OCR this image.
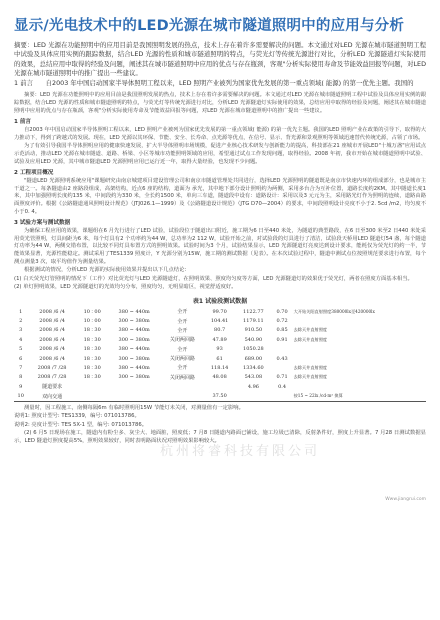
显示/光电技术中的LED光源在城市隧道照明中的应用与分析
摘要：LED 光源在功能照明中的应用目前是我国照明发展的热点，技术上存在着许多需要解决的问题。本文通过对LED 光源在城市隧道照明工程中试验及具体应用实例的跟踪数据，结合LED 光源的性质和城市隧道照明的特点，与荧光灯等传统光源进行对比，分析LED 光源隧道灯实际使用的效果，总结应用中取得的经验及问题，阐述其在城市隧道照明中应用的优点与存在瓶颈，客观"分析实际使用寿命及节能效益回报等问题，对LED 光源在城市隧道照明中的推广提出一些建议。
1 前言　　自2003 年中国启动国家半导体照明工程以来，LED 照明产业被列为国家优先发展的第一重点领域( 能源) 的第一优先主题。我国的
摘要：LED 光源在功能照明中的应用目前是我国照明发展的热点，技术上存在着许多需要解决的问题。本文通过对LED 光源在城市隧道照明工程中试验及具体应用实例的跟踪数据，结合LED 光源的性质和城市隧道照明的特点，与荧光灯等传统光源进行对比，分析LED 光源隧道灯实际使用的效果，总结应用中取得的经验及问题，阐述其在城市隧道照明中应用的优点与存在瓶颈，客观"分析实际使用寿命及节能效益回报等问题，对LED 光源在城市隧道照明中的推广提出一些建议。
1 前言
自2003 年中国启动国家半导体照明工程以来，LED 照明产业被列为国家优先发展的第一重点领域( 能源) 的第一优先主题。我国的LED 照明产业在政策的引导下，取得的大力推动下，得到了跨越式的发展。现在，LED 光源以其环保、节能、安全、长寿命、点光源等优点，在信号、显示、背光源和景观照明等领域迅速替代传统光源，占领了市场。
为了有效引导我国半导体照明应用的健康快速发展，扩大半导体照明市场规模，促进产业核心技术研发与创新能力的提高，科技部在21 座城市开展LED"十城万盏"应用试点示范活动，推动LED 光源在城市隧道、道路、桥梁、小区等城市功能照明领域的应用，希望通过试点工作发现问题，取得经验。2008 年初，我市开始在城市隧道照明中试验、试验及应用LED 光源，其中城市隧道LED 光源照明应用已运行近一年，取得大量经验，也发现不少问题。
2 工程项目概况
"隧道LED 光源照明系统应用"课题研究由南京城建项目建设管理公司和南京市隧道管理处共同进行，选择LED 光源照明的隧道既是南京市快速内环的组成部分，也是城市主干道之一。每条隧道由2 座路段组成，高架结构，近点6 座的结构，道面为 承光，其中地下部分设计照明约为两侧，采用多台合为互补位置，道路长度约2KM。其中隧道长度1 米，其中加强照明长度约135 米，中间段约为330 米，全长约1500 米，单向三车道，隧道段中设有：道路设计：采用以及3 元元为主，采用路光灯作为照明的连续，道路由路面照度评价。根据《公路隧道通风照明设计规范》（JTJ026.1—1999）及《公路隧道设计规范》（JTG D70—2004）的要求，中间段照明设计亮度不小于2. 5cd /m2，均匀度不小于0. 4。
3 试验方案与测试数据
为确保工程应用的效果，课题组在6 月先行进行了LED 试验，试验段位于隧道出口附近，施工期为6 日至440 米处，为隧道的典型路段，在6 日至300 米至2 日440 米处采用荧光管照明，灯具间距为6 米，每个灯具有2 个功率约为44 W，总功率为2 112 W，试验开始之前，对试验段的灯具进行了清洁，试验段天桥用LED 隧道灯54 盏，每个隧道灯功率为44 W，两侧交错布置，以比较不同灯具布置方式的照明效果。试验时间为3 个月，试验结果显示，LED 光源隧道灯亮度达到设计要求，能耗仅为荧光灯的约一半，节能效果显著，光源性能稳定。测试采用了TES1339 照度计，Y 光源分别为15W，施工期的测试数据（见表）。在本次试验过程中，隧道中测试点位按照规范要求进行布置，每个测点测量3 次，取平均值作为测量结果。
根据测试的情况，分析LED 光源的实际使用效果并提出以下几点结论：
(1) 白天荧光灯管照明的情况下（工作）对比荧光灯与LED 光源隧道灯，在照明效果、照度均匀度等方面，LED 光源隧道灯的效果优于荧光灯，两者在照度方面基本相当。
(2) 单灯照明效果，LED 光源隧道灯的光效均匀分布，照度均匀，无明显暗区，视觉舒适度好。
表1 试验段测试数据
1	2008 /6 /4	10 ∶ 00	380 ~ 440m	全开	99.70	1122.77	0.70	大开始关阳直射照度380000lx至420000lx
2	2008 /6 /4	10 ∶ 00	300 ~ 380m	全开	104.41	1179.11	0.72	
3	2008 /6 /4	18 ∶ 30	380 ~ 440m	全开	80.7	910.50	0.85	去除天井直射照度
4	2008 /6 /4	18 ∶ 30	300 ~ 380m	关闭两回路	47.89	540.90	0.91	去除天井直射照度
5	2008 /6 /4	18 ∶ 30	380 ~ 440m	全开	93	1050.28		
6	2008 /6 /4	18 ∶ 30	300 ~ 380m	关闭两回路	61	689.00	0.43	
7	2008 /7 /28	18 ∶ 30	380 ~ 440m	全开	118.14	1334.60		去除天井直射照度
8	2008 /7 /28	18 ∶ 30	300 ~ 380m	关闭两回路	48.08	543.08	0.71	去除天井直射照度
9	隧道要求					4.96	0.4	
10	双向交通				37.50			按15 ~ 22lx /cd·m² 换算
测量时，因工程施工，南侧每隔6m 有临时照明用15W 节能灯未关闭，对测量值有一定影响。
说明1: 照度计型号: TES1339，编号: 071013786。
说明2: 亮度计型号: TES 5X-1 型，编号: 071013786。
(2) 6 月5 日现场在施工，隧道内有粉尘多、灰尘大、地面脏，照度低；7 月8 日隧道内路面已铺设，施工垃圾已清除，反射条件好，照度上升显著。7 月28 日测试数据显示，LED 隧道灯照度提高5%，照明效果较好，同时表明路面状况对照明效果影响较大。
杭州将睿科技有限公司
Www.jiangrui.com
